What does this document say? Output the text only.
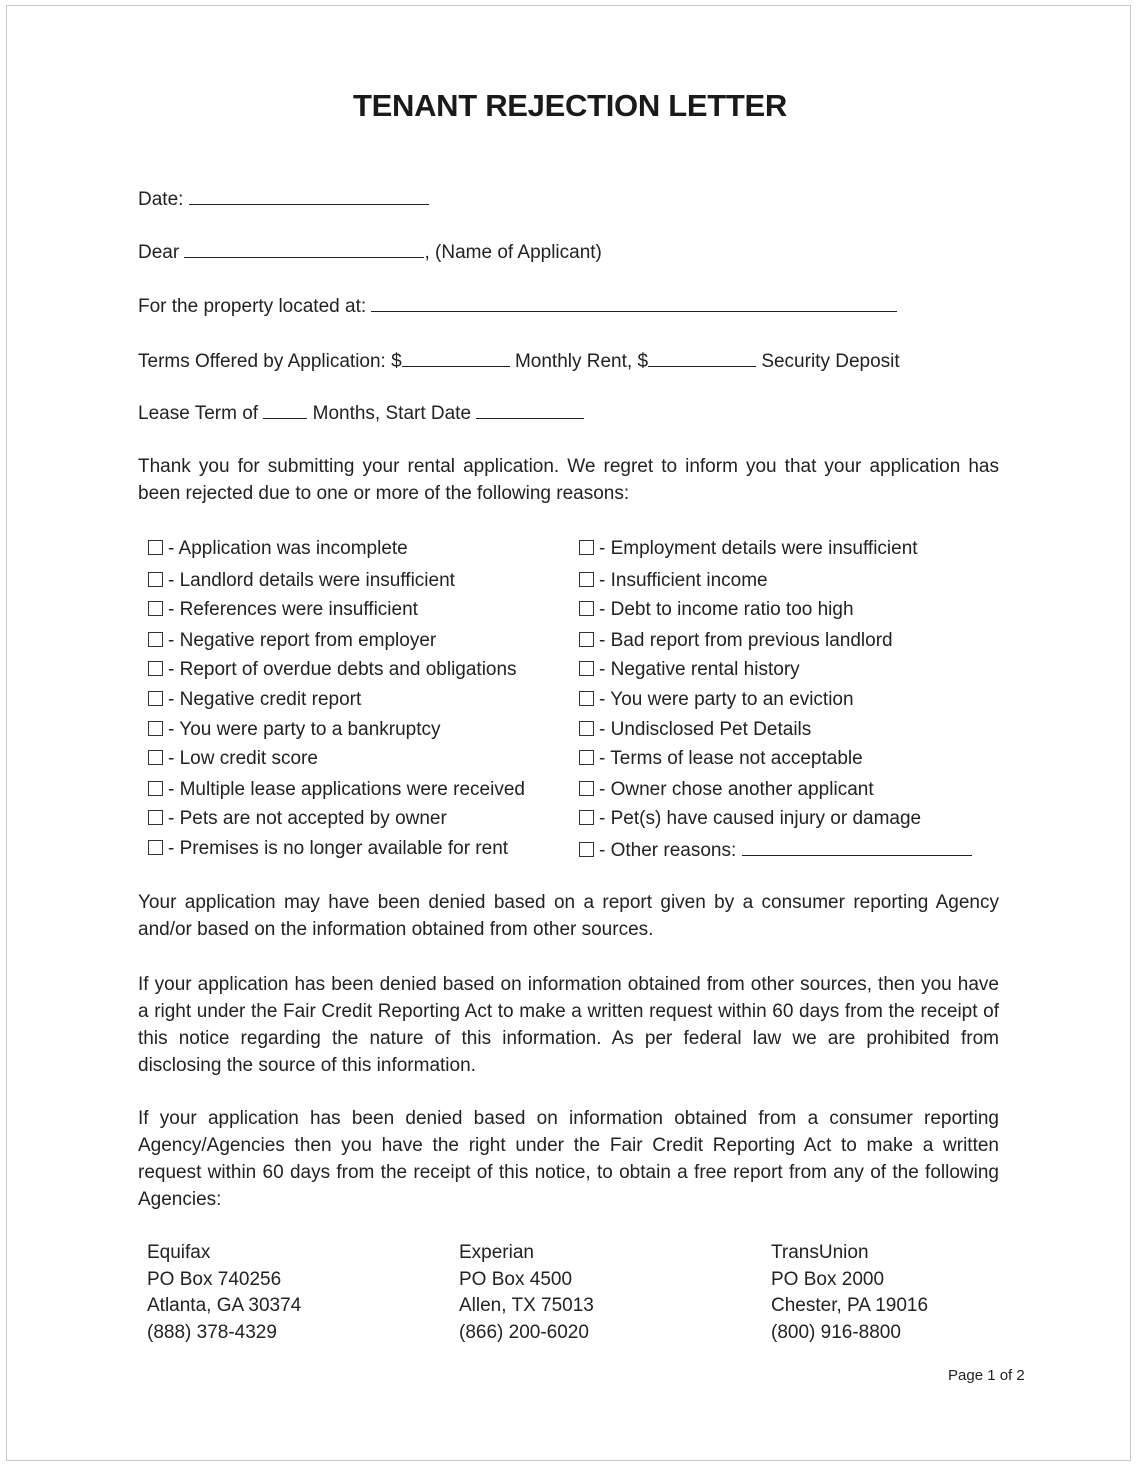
TENANT REJECTION LETTER
Date:
Dear	, (Name of Applicant)
For the property located at:
Terms Offered by Application: $	Monthly Rent, $	Security Deposit
Lease Term of	Months, Start Date
Thank you for submitting your rental application. We regret to inform you that your application has been rejected due to one or more of the following reasons:
- Application was incomplete
- Landlord details were insufficient
- References were insufficient
- Negative report from employer
- Report of overdue debts and obligations
- Negative credit report
- You were party to a bankruptcy
- Low credit score
- Multiple lease applications were received
- Pets are not accepted by owner
- Premises is no longer available for rent
- Employment details were insufficient
- Insufficient income
- Debt to income ratio too high
- Bad report from previous landlord
- Negative rental history
- You were party to an eviction
- Undisclosed Pet Details
- Terms of lease not acceptable
- Owner chose another applicant
- Pet(s) have caused injury or damage
- Other reasons:
Your application may have been denied based on a report given by a consumer reporting Agency and/or based on the information obtained from other sources.
If your application has been denied based on information obtained from other sources, then you have a right under the Fair Credit Reporting Act to make a written request within 60 days from the receipt of this notice regarding the nature of this information. As per federal law we are prohibited from disclosing the source of this information.
If your application has been denied based on information obtained from a consumer reporting Agency/Agencies then you have the right under the Fair Credit Reporting Act to make a written request within 60 days from the receipt of this notice, to obtain a free report from any of the following Agencies:
Equifax
PO Box 740256
Atlanta, GA 30374
(888) 378-4329
Experian
PO Box 4500
Allen, TX 75013
(866) 200-6020
TransUnion
PO Box 2000
Chester, PA 19016
(800) 916-8800
Page 1 of 2
